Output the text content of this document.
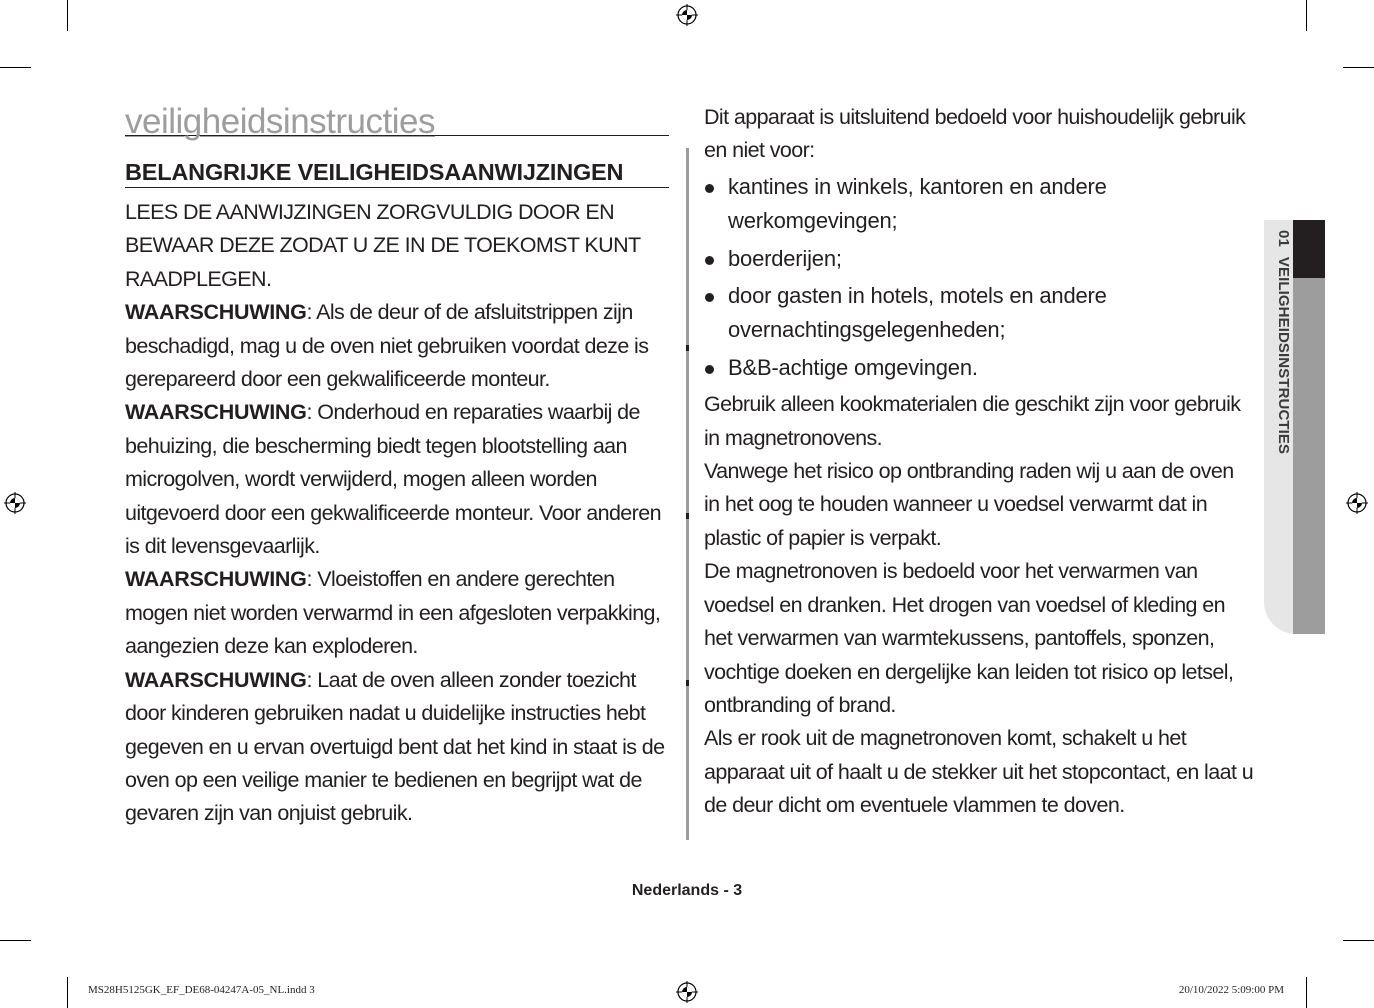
veiligheidsinstructies
BELANGRIJKE VEILIGHEIDSAANWIJZINGEN

LEES DE AANWIJZINGEN ZORGVULDIG DOOR EN BEWAAR DEZE ZODAT U ZE IN DE TOEKOMST KUNT RAADPLEGEN.

WAARSCHUWING: Als de deur of de afsluitstrippen zijn beschadigd, mag u de oven niet gebruiken voordat deze is gerepareerd door een gekwalificeerde monteur.

WAARSCHUWING: Onderhoud en reparaties waarbij de behuizing, die bescherming biedt tegen blootstelling aan microgolven, wordt verwijderd, mogen alleen worden uitgevoerd door een gekwalificeerde monteur. Voor anderen is dit levensgevaarlijk.

WAARSCHUWING: Vloeistoffen en andere gerechten mogen niet worden verwarmd in een afgesloten verpakking, aangezien deze kan exploderen.

WAARSCHUWING: Laat de oven alleen zonder toezicht door kinderen gebruiken nadat u duidelijke instructies hebt gegeven en u ervan overtuigd bent dat het kind in staat is de oven op een veilige manier te bedienen en begrijpt wat de gevaren zijn van onjuist gebruik.

Dit apparaat is uitsluitend bedoeld voor huishoudelijk gebruik en niet voor:

kantines in winkels, kantoren en andere werkomgevingen;
boerderijen;
door gasten in hotels, motels en andere overnachtingsgelegenheden;
B&B-achtige omgevingen.

Gebruik alleen kookmaterialen die geschikt zijn voor gebruik in magnetronovens.

Vanwege het risico op ontbranding raden wij u aan de oven in het oog te houden wanneer u voedsel verwarmt dat in plastic of papier is verpakt.

De magnetronoven is bedoeld voor het verwarmen van voedsel en dranken. Het drogen van voedsel of kleding en het verwarmen van warmtekussens, pantoffels, sponzen, vochtige doeken en dergelijke kan leiden tot risico op letsel, ontbranding of brand.

Als er rook uit de magnetronoven komt, schakelt u het apparaat uit of haalt u de stekker uit het stopcontact, en laat u de deur dicht om eventuele vlammen te doven.

01VEILIGHEIDSINSTRUCTIES
Nederlands - 3
MS28H5125GK_EF_DE68-04247A-05_NL.indd 3	20/10/2022 5:09:00 PM
